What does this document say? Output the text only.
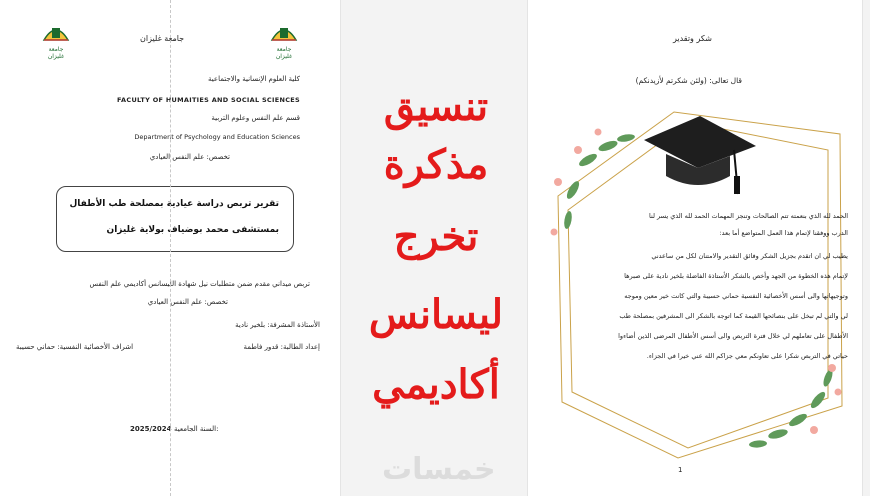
جامعة غليزان
جامعة غليزان
جامعة غليزان
كلية العلوم الإنسانية والاجتماعية
FACULTY OF HUMAITIES AND SOCIAL SCIENCES
قسم علم النفس وعلوم التربية
Department of Psychology and Education Sciences
تخصص: علم النفس العيادي
تقرير تربص دراسة عيادية بمصلحة طب الأطفال
بمستشفى محمد بوضياف بولاية غليزان
تربص ميداني مقدم ضمن متطلبات نيل شهادة الليسانس أكاديمي علم النفس
تخصص: علم النفس العيادي
الأستاذة المشرفة: بلخير نادية
إعداد الطالبة: قدور فاطمة
اشراف الأخصائية النفسية: حماني حسيبة
2025/2024 السنة الجامعية:
تنسيق
مذكرة
تخرج
ليسانس
أكاديمي
خمسات
شكر وتقدير
قال تعالى: (ولئن شكرتم لأزيدنكم)
الحمد لله الذي بنعمته تتم الصالحات وتنجز المهمات الحمد لله الذي يسر لنا
الدرب ووفقنا لإتمام هذا العمل المتواضع أما بعد:
يطيب لي ان اتقدم بجزيل الشكر وفائق التقدير والامتنان لكل من ساعدني
لإتمام هذه الخطوة من الجهد وأخص بالشكر الأستاذة الفاضلة بلخير نادية على صبرها
وتوجيهاتها والى أسس الأخصائية النفسية حماني حسيبة والتي كانت خير معين وموجه
لي والتي لم تبخل على بنصائحها القيمة كما اتوجه بالشكر الى المشرفين بمصلحة طب
الأطفال على تعاملهم لي خلال فترة التربص والى أسس الأطفال المرضى الذين أضاءوا
حياتي في التربص شكرا على تعاونكم معي جزاكم الله عني خيرا في الجزاء.
1
